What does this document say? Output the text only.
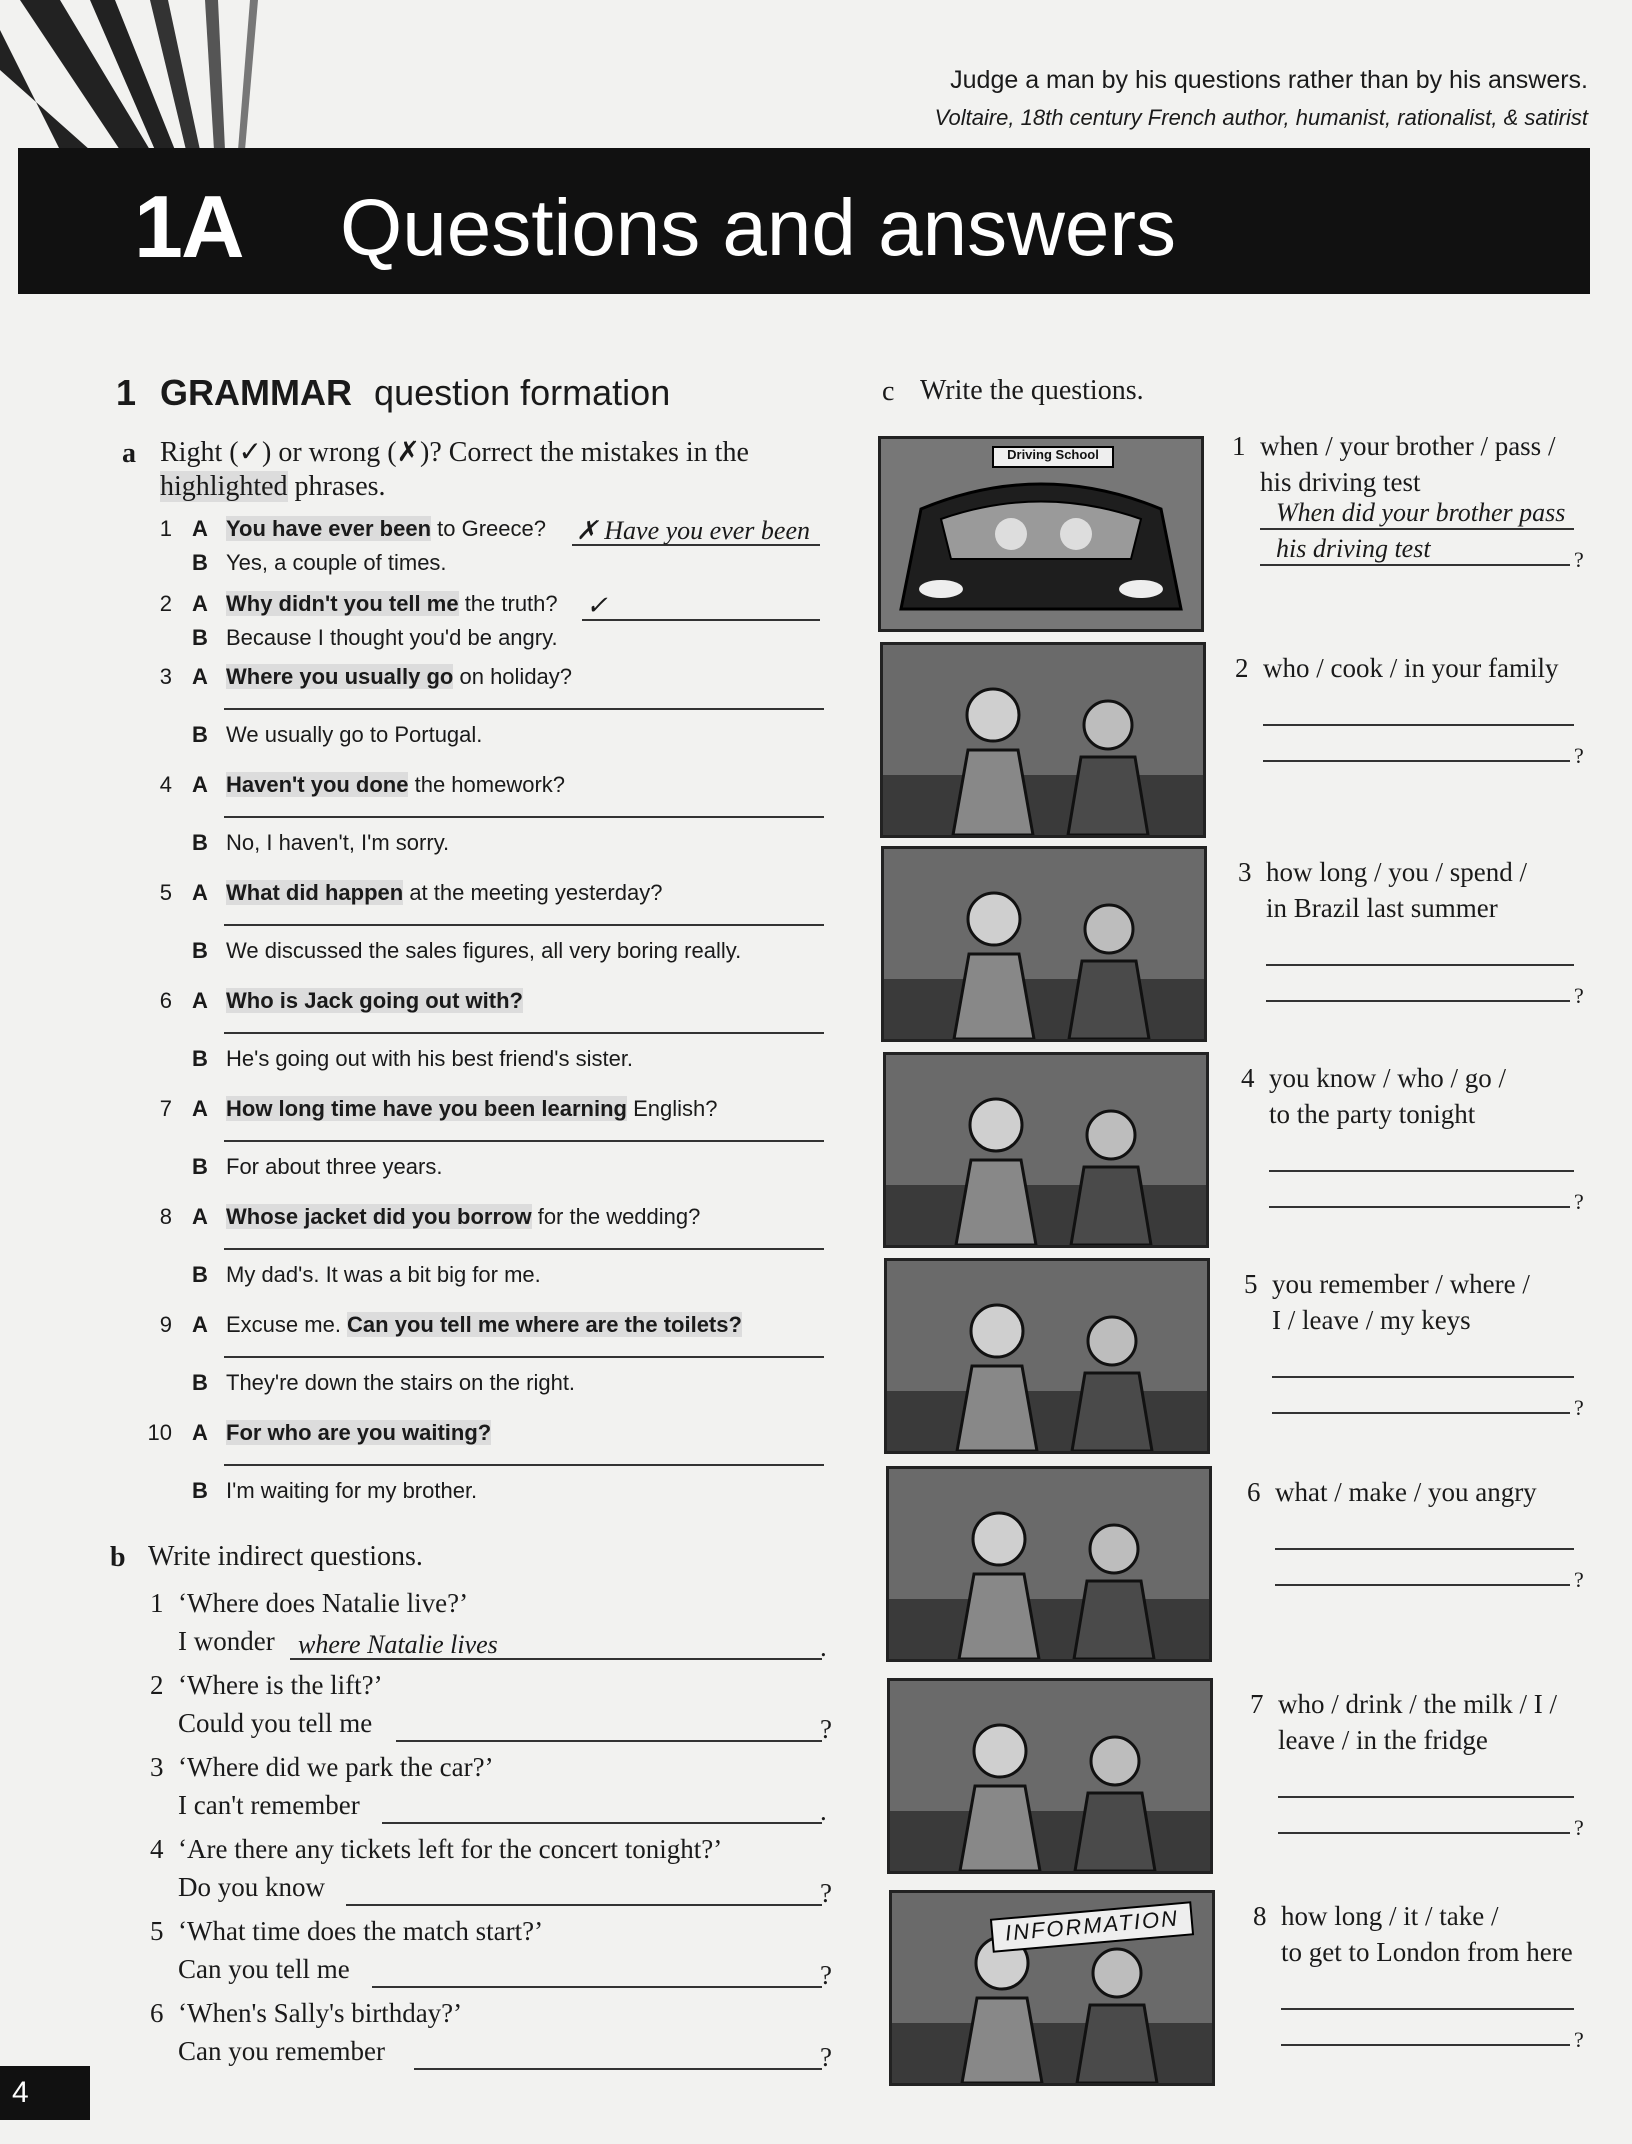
Judge a man by his questions rather than by his answers.
Voltaire, 18th century French author, humanist, rationalist, & satirist
1A Questions and answers
1 GRAMMAR question formation
a Right (✓) or wrong (✗)? Correct the mistakes in the
highlighted phrases.
1 A You have ever been to Greece? ✗ Have you ever been
B Yes, a couple of times.
2 A Why didn't you tell me the truth? ✓
B Because I thought you'd be angry.
3 A Where you usually go on holiday?
B We usually go to Portugal.
4 A Haven't you done the homework?
B No, I haven't, I'm sorry.
5 A What did happen at the meeting yesterday?
B We discussed the sales figures, all very boring really.
6 A Who is Jack going out with?
B He's going out with his best friend's sister.
7 A How long time have you been learning English?
B For about three years.
8 A Whose jacket did you borrow for the wedding?
B My dad's. It was a bit big for me.
9 A Excuse me. Can you tell me where are the toilets?
B They're down the stairs on the right.
10 A For who are you waiting?
B I'm waiting for my brother.
b Write indirect questions.
1 ‘Where does Natalie live?’
I wonder where Natalie lives	.
2 ‘Where is the lift?’
Could you tell me	?
3 ‘Where did we park the car?’
I can't remember	.
4 ‘Are there any tickets left for the concert tonight?’
Do you know	?
5 ‘What time does the match start?’
Can you tell me	?
6 ‘When's Sally's birthday?’
Can you remember	?
c Write the questions.
Driving School	1 when / your brother / pass /
his driving test
When did your brother pass
his driving test	?
2 who / cook / in your family
?
3 how long / you / spend /
in Brazil last summer
?
4 you know / who / go /
to the party tonight
?
5 you remember / where /
I / leave / my keys
?
6 what / make / you angry
?
7 who / drink / the milk / I /
leave / in the fridge
?
INFORMATION	8 how long / it / take /
to get to London from here
?
4
